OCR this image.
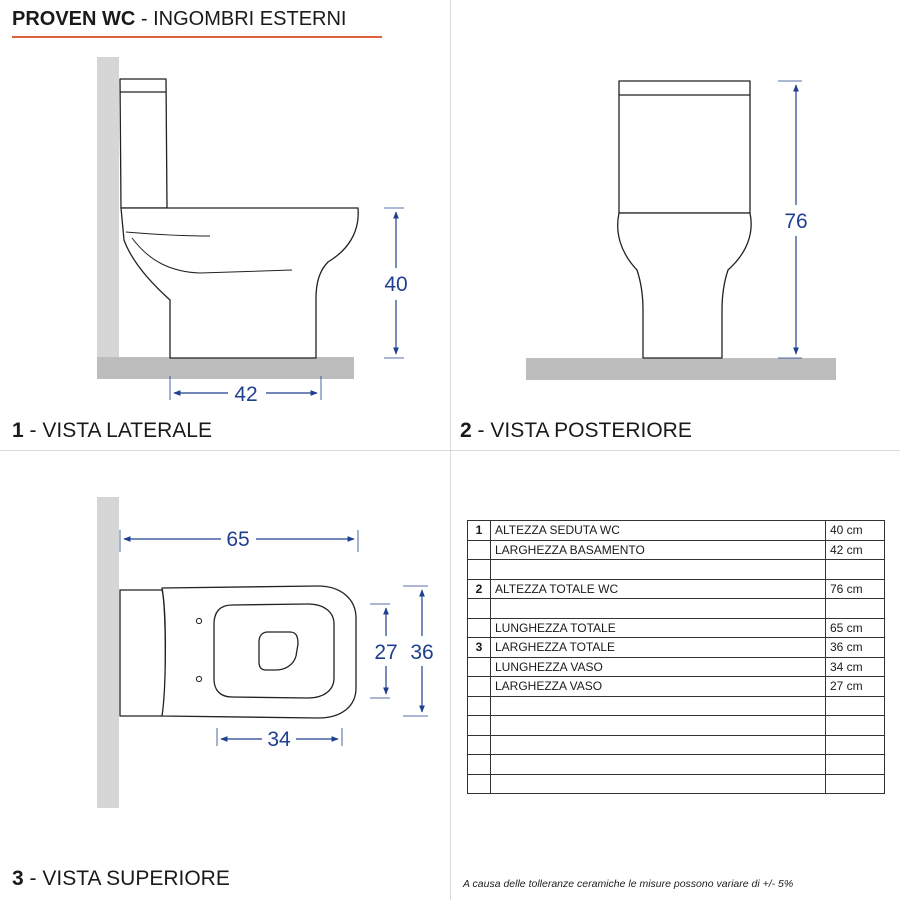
PROVEN WC - INGOMBRI ESTERNI
40
42
76
65
27 36
34
1 - VISTA LATERALE	2 - VISTA POSTERIORE
3 - VISTA SUPERIORE
1	ALTEZZA SEDUTA WC	40 cm
	LARGHEZZA BASAMENTO	42 cm

2	ALTEZZA TOTALE WC	76 cm

	LUNGHEZZA TOTALE	65 cm
3	LARGHEZZA TOTALE	36 cm
	LUNGHEZZA VASO	34 cm
	LARGHEZZA VASO	27 cm

A causa delle tolleranze ceramiche le misure possono variare di +/- 5%
